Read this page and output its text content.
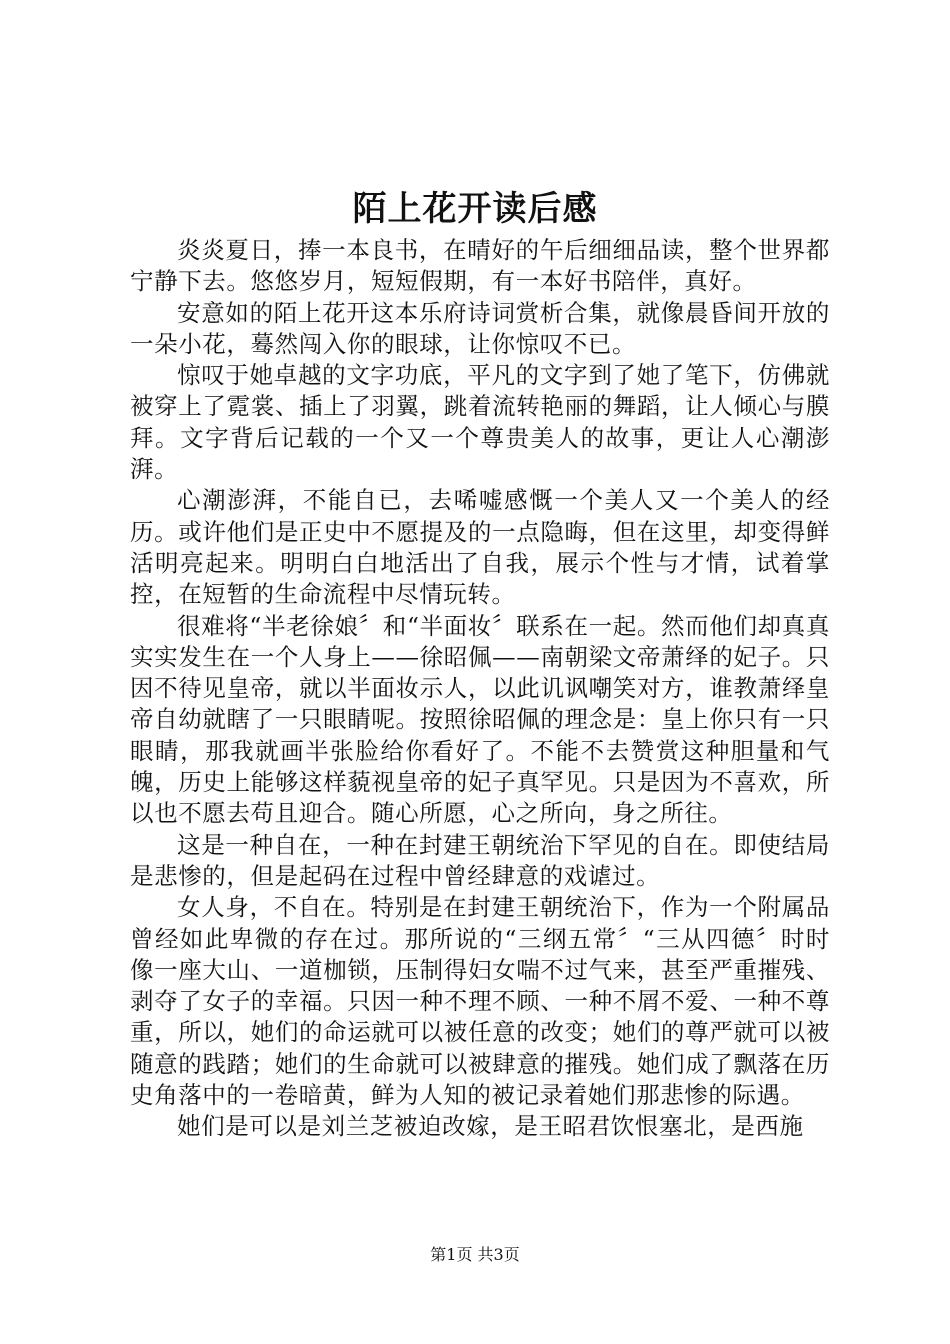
陌上花开读后感

炎炎夏日，捧一本良书，在晴好的午后细细品读，整个世界都宁静下去。悠悠岁月，短短假期，有一本好书陪伴，真好。

安意如的陌上花开这本乐府诗词赏析合集，就像晨昏间开放的一朵小花，蓦然闯入你的眼球，让你惊叹不已。

惊叹于她卓越的文字功底，平凡的文字到了她了笔下，仿佛就被穿上了霓裳、插上了羽翼，跳着流转艳丽的舞蹈，让人倾心与膜拜。文字背后记载的一个又一个尊贵美人的故事，更让人心潮澎湃。

心潮澎湃，不能自已，去唏嘘感慨一个美人又一个美人的经历。或许他们是正史中不愿提及的一点隐晦，但在这里，却变得鲜活明亮起来。明明白白地活出了自我，展示个性与才情，试着掌控，在短暂的生命流程中尽情玩转。

很难将“半老徐娘〞和“半面妆〞联系在一起。然而他们却真真实实发生在一个人身上——徐昭佩——南朝梁文帝萧绎的妃子。只因不待见皇帝，就以半面妆示人，以此讥讽嘲笑对方，谁教萧绎皇帝自幼就瞎了一只眼睛呢。按照徐昭佩的理念是：皇上你只有一只眼睛，那我就画半张脸给你看好了。不能不去赞赏这种胆量和气魄，历史上能够这样藐视皇帝的妃子真罕见。只是因为不喜欢，所以也不愿去苟且迎合。随心所愿，心之所向，身之所往。

这是一种自在，一种在封建王朝统治下罕见的自在。即使结局是悲惨的，但是起码在过程中曾经肆意的戏谑过。

女人身，不自在。特别是在封建王朝统治下，作为一个附属品曾经如此卑微的存在过。那所说的“三纲五常〞“三从四德〞时时像一座大山、一道枷锁，压制得妇女喘不过气来，甚至严重摧残、剥夺了女子的幸福。只因一种不理不顾、一种不屑不爱、一种不尊重，所以，她们的命运就可以被任意的改变；她们的尊严就可以被随意的践踏；她们的生命就可以被肆意的摧残。她们成了飘落在历史角落中的一卷暗黄，鲜为人知的被记录着她们那悲惨的际遇。

她们是可以是刘兰芝被迫改嫁，是王昭君饮恨塞北，是西施

第1页 共3页
